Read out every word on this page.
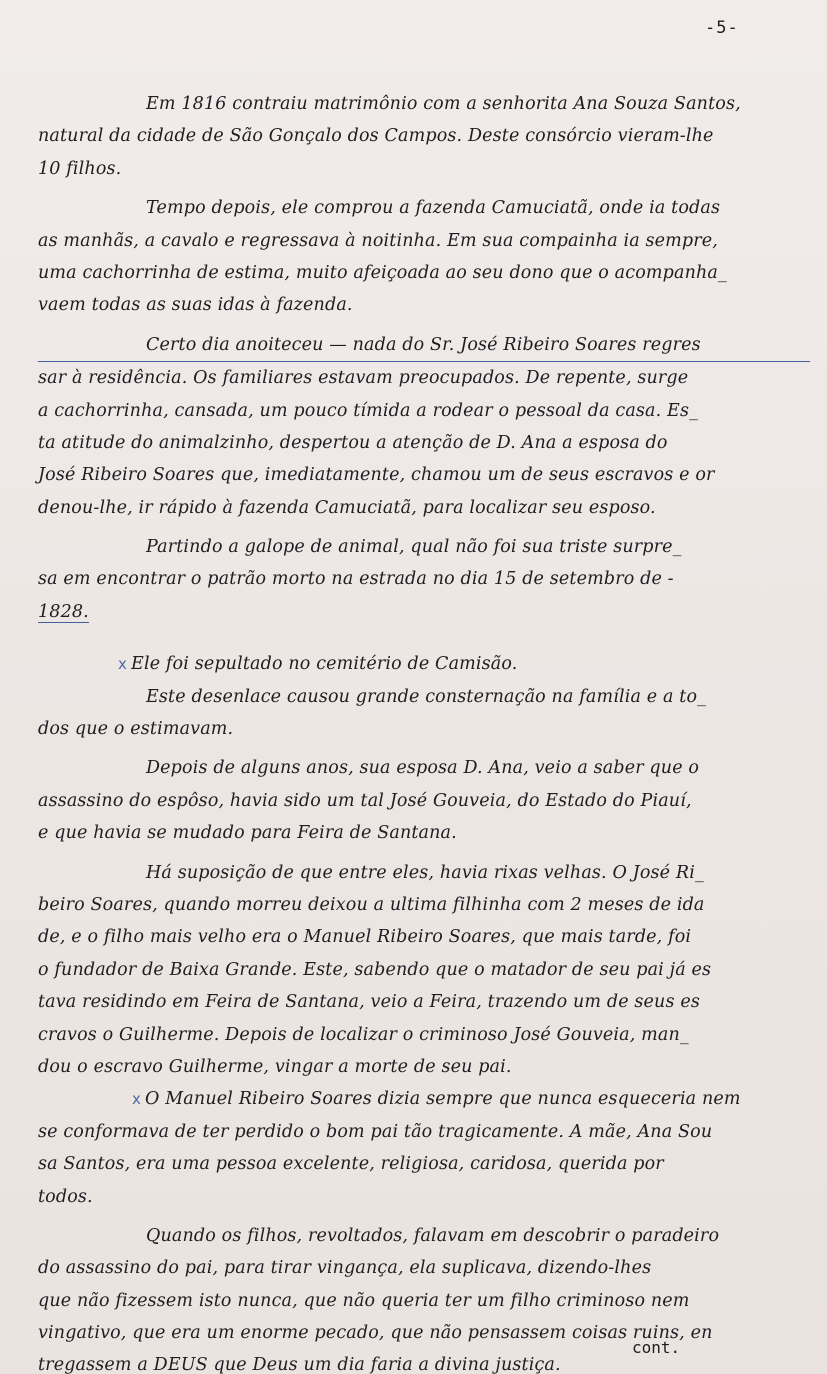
-5-
Em 1816 contraiu matrimônio com a senhorita Ana Souza Santos,
natural da cidade de São Gonçalo dos Campos. Deste consórcio vieram-lhe
10 filhos.
Tempo depois, ele comprou a fazenda Camuciatã, onde ia todas
as manhãs, a cavalo e regressava à noitinha. Em sua compainha ia sempre,
uma cachorrinha de estima, muito afeiçoada ao seu dono que o acompanha_
vaem todas as suas idas à fazenda.
Certo dia anoiteceu — nada do Sr. José Ribeiro Soares regres
sar à residência. Os familiares estavam preocupados. De repente, surge
a cachorrinha, cansada, um pouco tímida a rodear o pessoal da casa. Es_
ta atitude do animalzinho, despertou a atenção de D. Ana a esposa do
José Ribeiro Soares que, imediatamente, chamou um de seus escravos e or
denou-lhe, ir rápido à fazenda Camuciatã, para localizar seu esposo.
Partindo a galope de animal, qual não foi sua triste surpre_
sa em encontrar o patrão morto na estrada no dia 15 de setembro de -
1828.
x Ele foi sepultado no cemitério de Camisão.
Este desenlace causou grande consternação na família e a to_
dos que o estimavam.
Depois de alguns anos, sua esposa D. Ana, veio a saber que o
assassino do espôso, havia sido um tal José Gouveia, do Estado do Piauí,
e que havia se mudado para Feira de Santana.
Há suposição de que entre eles, havia rixas velhas. O José Ri_
beiro Soares, quando morreu deixou a ultima filhinha com 2 meses de ida
de, e o filho mais velho era o Manuel Ribeiro Soares, que mais tarde, foi
o fundador de Baixa Grande. Este, sabendo que o matador de seu pai já es
tava residindo em Feira de Santana, veio a Feira, trazendo um de seus es
cravos o Guilherme. Depois de localizar o criminoso José Gouveia, man_
dou o escravo Guilherme, vingar a morte de seu pai.
x O Manuel Ribeiro Soares dizia sempre que nunca esqueceria nem
se conformava de ter perdido o bom pai tão tragicamente. A mãe, Ana Sou
sa Santos, era uma pessoa excelente, religiosa, caridosa, querida por
todos.
Quando os filhos, revoltados, falavam em descobrir o paradeiro
do assassino do pai, para tirar vingança, ela suplicava, dizendo-lhes
que não fizessem isto nunca, que não queria ter um filho criminoso nem
vingativo, que era um enorme pecado, que não pensassem coisas ruins, en
tregassem a DEUS que Deus um dia faria a divina justiça.
cont.
